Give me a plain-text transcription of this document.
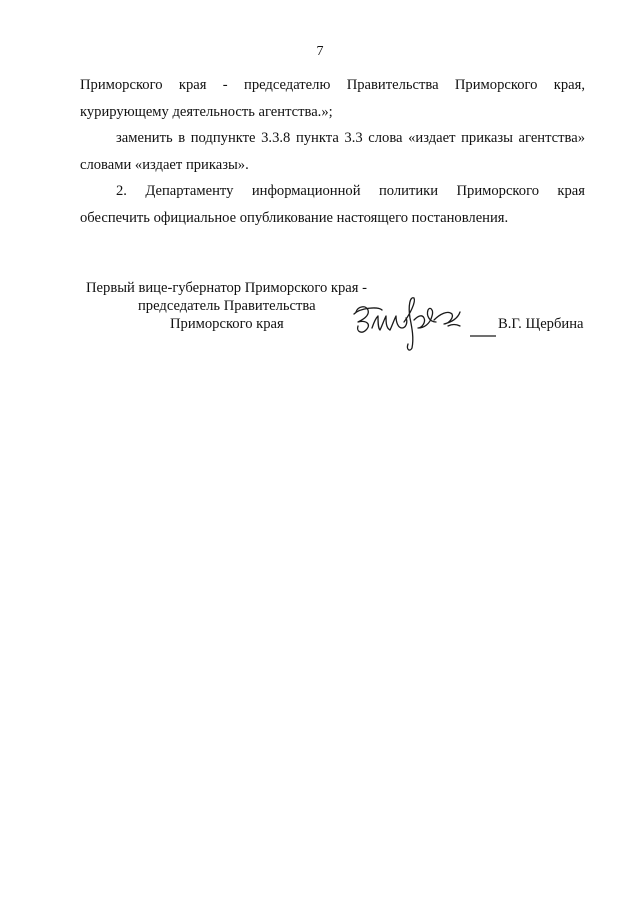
7
Приморского края - председателю Правительства Приморского края,
курирующему деятельность агентства.»;
заменить в подпункте 3.3.8 пункта 3.3 слова «издает приказы агентства»
словами «издает приказы».
2. Департаменту информационной политики Приморского края
обеспечить официальное опубликование настоящего постановления.
Первый вице-губернатор Приморского края -
председатель Правительства
Приморского края	В.Г. Щербина
